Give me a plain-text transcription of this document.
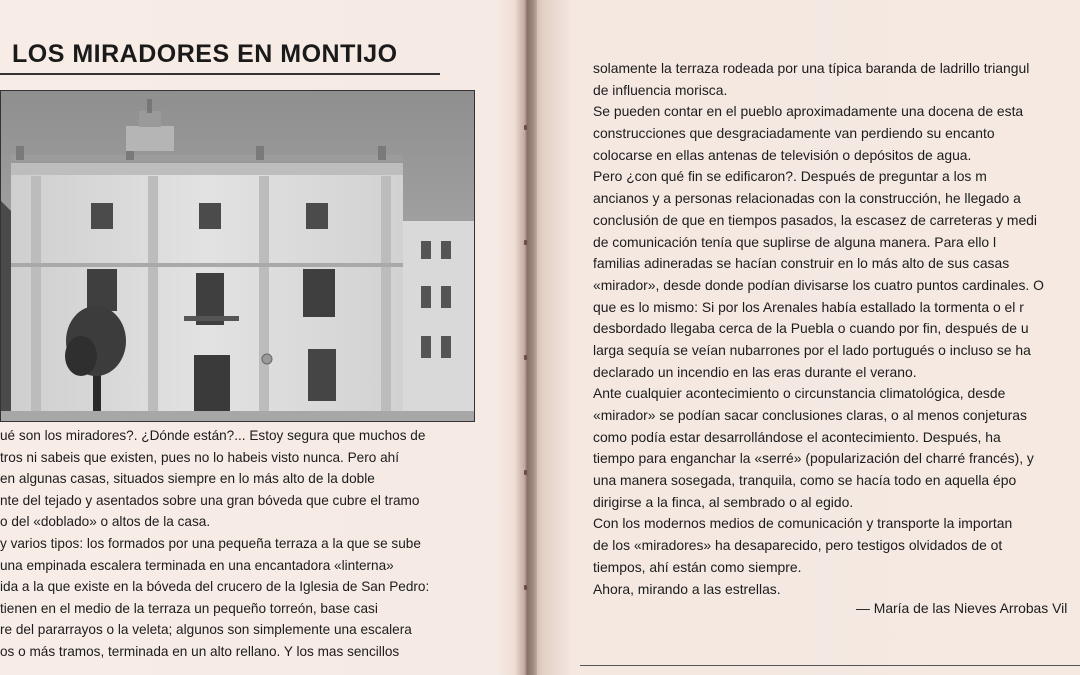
LOS MIRADORES EN MONTIJO

ué son los miradores?. ¿Dónde están?... Estoy segura que muchos de

tros ni sabeis que existen, pues no lo habeis visto nunca. Pero ahí

en algunas casas, situados siempre en lo más alto de la doble

nte del tejado y asentados sobre una gran bóveda que cubre el tramo

o del «doblado» o altos de la casa.

y varios tipos: los formados por una pequeña terraza a la que se sube

una empinada escalera terminada en una encantadora «linterna»

ida a la que existe en la bóveda del crucero de la Iglesia de San Pedro:

tienen en el medio de la terraza un pequeño torreón, base casi

re del pararrayos o la veleta; algunos son simplemente una escalera

os o más tramos, terminada en un alto rellano. Y los mas sencillos

solamente la terraza rodeada por una típica baranda de ladrillo triangul
de influencia morisca.
Se pueden contar en el pueblo aproximadamente una docena de esta
construcciones que desgraciadamente van perdiendo su encanto
colocarse en ellas antenas de televisión o depósitos de agua.
Pero ¿con qué fin se edificaron?. Después de preguntar a los m
ancianos y a personas relacionadas con la construcción, he llegado a
conclusión de que en tiempos pasados, la escasez de carreteras y medi
de comunicación tenía que suplirse de alguna manera. Para ello l
familias adineradas se hacían construir en lo más alto de sus casas
«mirador», desde donde podían divisarse los cuatro puntos cardinales. O
que es lo mismo: Si por los Arenales había estallado la tormenta o el r
desbordado llegaba cerca de la Puebla o cuando por fin, después de u
larga sequía se veían nubarrones por el lado portugués o incluso se ha
declarado un incendio en las eras durante el verano.
Ante cualquier acontecimiento o circunstancia climatológica, desde
«mirador» se podían sacar conclusiones claras, o al menos conjeturas
como podía estar desarrollándose el acontecimiento. Después, ha
tiempo para enganchar la «serré» (popularización del charré francés), y
una manera sosegada, tranquila, como se hacía todo en aquella épo
dirigirse a la finca, al sembrado o al egido.
Con los modernos medios de comunicación y transporte la importan
de los «miradores» ha desaparecido, pero testigos olvidados de ot
tiempos, ahí están como siempre.
Ahora, mirando a las estrellas.
— María de las Nieves Arrobas Vil
